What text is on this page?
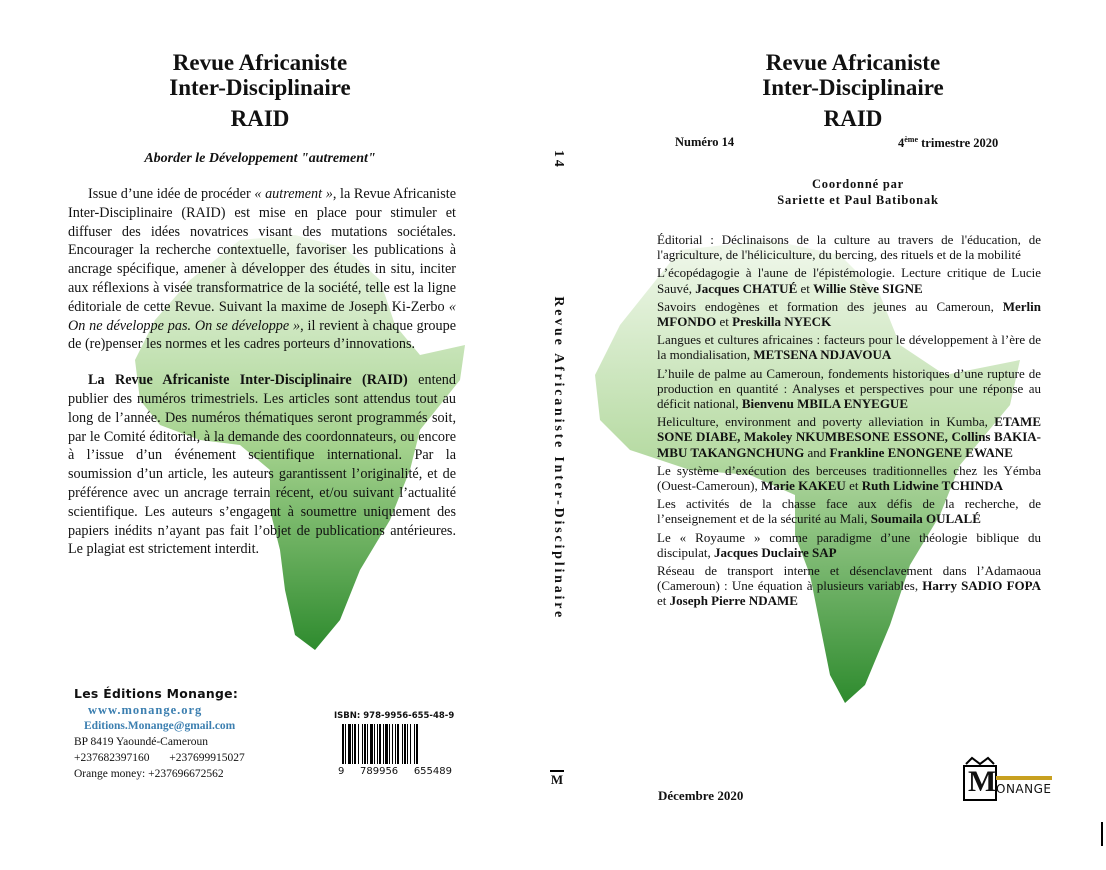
Revue Africaniste
Inter-Disciplinaire
RAID
Aborder le Développement "autrement"

Issue d’une idée de procéder « autrement », la Revue Africaniste Inter-Disciplinaire (RAID) est mise en place pour stimuler et diffuser des idées novatrices visant des mutations sociétales. Encourager la recherche contextuelle, favoriser les publications à ancrage spécifique, amener à développer des études in situ, inciter aux réflexions à visée transformatrice de la société, telle est la ligne éditoriale de cette Revue. Suivant la maxime de Joseph Ki-Zerbo « On ne développe pas. On se développe », il revient à chaque groupe de (re)penser les normes et les cadres porteurs d’innovations.

La Revue Africaniste Inter-Disciplinaire (RAID) entend publier des numéros trimestriels. Les articles sont attendus tout au long de l’année. Des numéros thématiques seront programmés soit, par le Comité éditorial, à la demande des coordonnateurs, ou encore à l’issue d’un événement scientifique international. Par la soumission d’un article, les auteurs garantissent l’originalité, et de préférence avec un ancrage terrain récent, et/ou suivant l’actualité scientifique. Les auteurs s’engagent à soumettre uniquement des papiers inédits n’ayant pas fait l’objet de publications antérieures. Le plagiat est strictement interdit.

Les Éditions Monange:
www.monange.org
Editions.Monange@gmail.com
BP 8419 Yaoundé-Cameroun
+237682397160 +237699915027
Orange money: +237696672562
ISBN: 978-9956-655-48-9
9 789956 655489
14
Revue Africaniste Inter-Disciplinaire
M
Revue Africaniste
Inter-Disciplinaire
RAID
Numéro 14	4ème trimestre 2020
Coordonné par
Sariette et Paul Batibonak

Éditorial : Déclinaisons de la culture au travers de l'éducation, de l'agriculture, de l'héliciculture, du bercing, des rituels et de la mobilité

L’écopédagogie à l'aune de l'épistémologie. Lecture critique de Lucie Sauvé, Jacques CHATUÉ et Willie Stève SIGNE

Savoirs endogènes et formation des jeunes au Cameroun, Merlin MFONDO et Preskilla NYECK

Langues et cultures africaines : facteurs pour le développement à l’ère de la mondialisation, METSENA NDJAVOUA

L’huile de palme au Cameroun, fondements historiques d’une rupture de production en quantité : Analyses et perspectives pour une réponse au déficit national, Bienvenu MBILA ENYEGUE

Heliculture, environment and poverty alleviation in Kumba, ETAME SONE DIABE, Makoley NKUMBESONE ESSONE, Collins BAKIA-MBU TAKANGNCHUNG and Frankline ENONGENE EWANE

Le système d’exécution des berceuses traditionnelles chez les Yémba (Ouest-Cameroun), Marie KAKEU et Ruth Lidwine TCHINDA

Les activités de la chasse face aux défis de la recherche, de l’enseignement et de la sécurité au Mali, Soumaila OULALÉ

Le « Royaume » comme paradigme d’une théologie biblique du discipulat, Jacques Duclaire SAP

Réseau de transport interne et désenclavement dans l’Adamaoua (Cameroun) : Une équation à plusieurs variables, Harry SADIO FOPA et Joseph Pierre NDAME

Décembre 2020	M ONANGE
